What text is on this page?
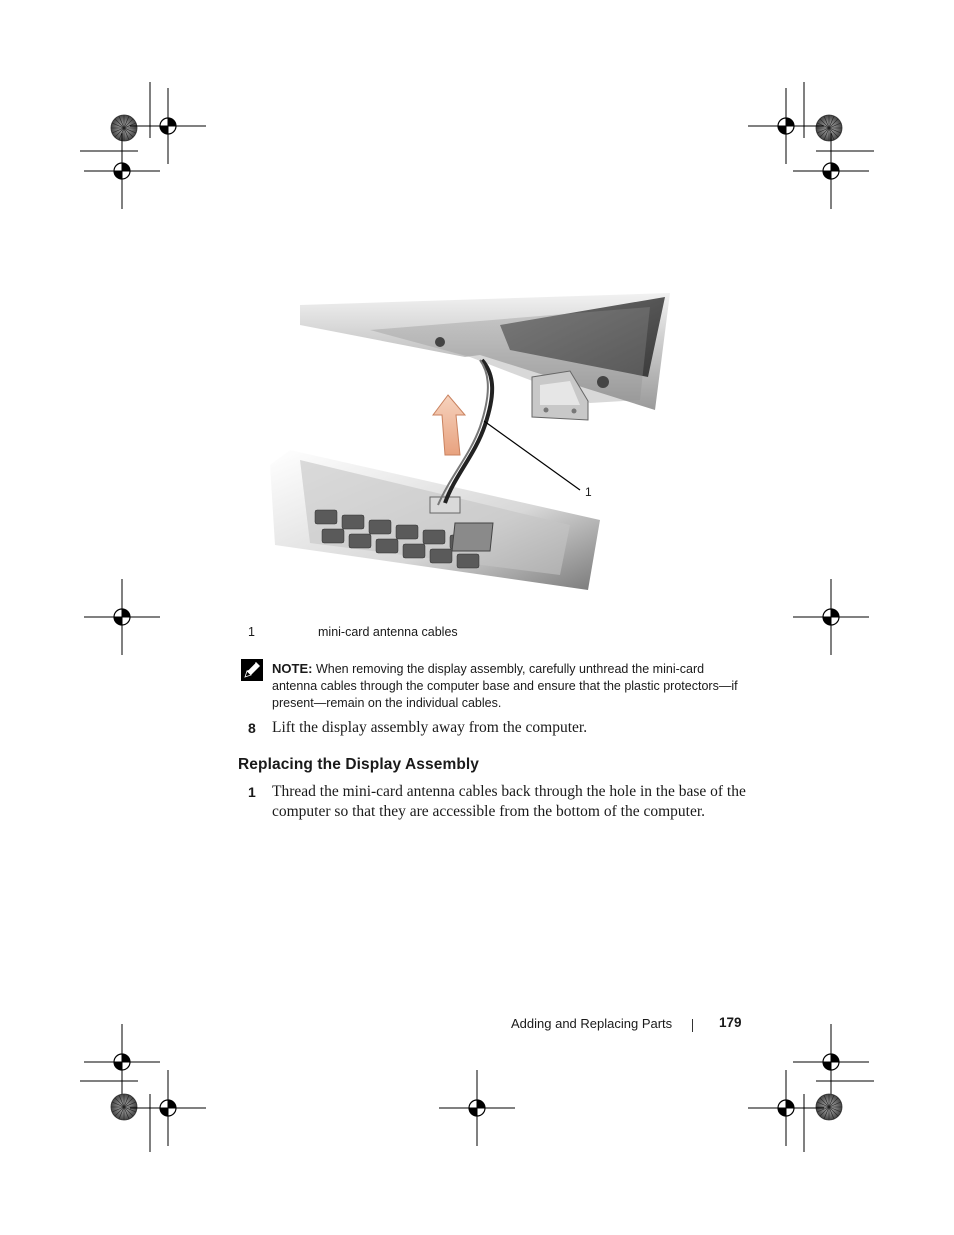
1
1	mini-card antenna cables
NOTE: When removing the display assembly, carefully unthread the mini-card antenna cables through the computer base and ensure that the plastic protectors—if present—remain on the individual cables.
8 Lift the display assembly away from the computer.
Replacing the Display Assembly
1 Thread the mini-card antenna cables back through the hole in the base of the computer so that they are accessible from the bottom of the computer.
Adding and Replacing Parts	179
